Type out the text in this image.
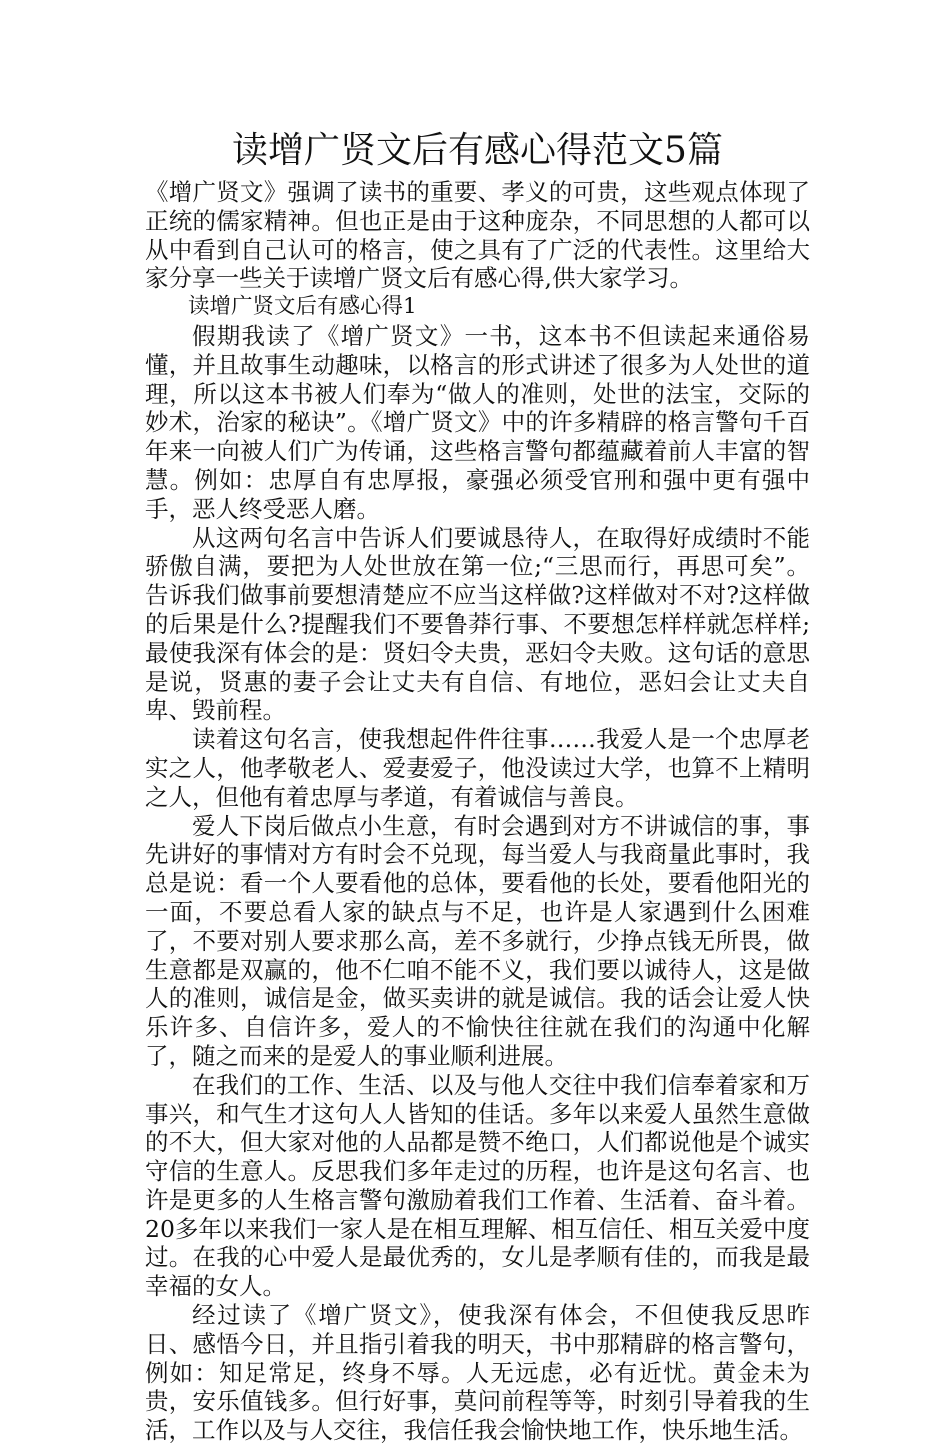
读增广贤文后有感心得范文5篇

《增广贤文》强调了读书的重要、孝义的可贵，这些观点体现了正统的儒家精神。但也正是由于这种庞杂，不同思想的人都可以从中看到自己认可的格言，使之具有了广泛的代表性。这里给大家分享一些关于读增广贤文后有感心得,供大家学习。

读增广贤文后有感心得1

假期我读了《增广贤文》一书，这本书不但读起来通俗易懂，并且故事生动趣味，以格言的形式讲述了很多为人处世的道理，所以这本书被人们奉为“做人的准则，处世的法宝，交际的妙术，治家的秘诀”。《增广贤文》中的许多精辟的格言警句千百年来一向被人们广为传诵，这些格言警句都蕴藏着前人丰富的智慧。例如：忠厚自有忠厚报，豪强必须受官刑和强中更有强中手，恶人终受恶人磨。

从这两句名言中告诉人们要诚恳待人，在取得好成绩时不能骄傲自满，要把为人处世放在第一位;“三思而行，再思可矣”。告诉我们做事前要想清楚应不应当这样做?这样做对不对?这样做的后果是什么?提醒我们不要鲁莽行事、不要想怎样样就怎样样;最使我深有体会的是：贤妇令夫贵，恶妇令夫败。这句话的意思是说，贤惠的妻子会让丈夫有自信、有地位，恶妇会让丈夫自卑、毁前程。

读着这句名言，使我想起件件往事……我爱人是一个忠厚老实之人，他孝敬老人、爱妻爱子，他没读过大学，也算不上精明之人，但他有着忠厚与孝道，有着诚信与善良。

爱人下岗后做点小生意，有时会遇到对方不讲诚信的事，事先讲好的事情对方有时会不兑现，每当爱人与我商量此事时，我总是说：看一个人要看他的总体，要看他的长处，要看他阳光的一面，不要总看人家的缺点与不足，也许是人家遇到什么困难了，不要对别人要求那么高，差不多就行，少挣点钱无所畏，做生意都是双赢的，他不仁咱不能不义，我们要以诚待人，这是做人的准则，诚信是金，做买卖讲的就是诚信。我的话会让爱人快乐许多、自信许多，爱人的不愉快往往就在我们的沟通中化解了，随之而来的是爱人的事业顺利进展。

在我们的工作、生活、以及与他人交往中我们信奉着家和万事兴，和气生才这句人人皆知的佳话。多年以来爱人虽然生意做的不大，但大家对他的人品都是赞不绝口，人们都说他是个诚实守信的生意人。反思我们多年走过的历程，也许是这句名言、也许是更多的人生格言警句激励着我们工作着、生活着、奋斗着。20多年以来我们一家人是在相互理解、相互信任、相互关爱中度过。在我的心中爱人是最优秀的，女儿是孝顺有佳的，而我是最幸福的女人。

经过读了《增广贤文》，使我深有体会，不但使我反思昨日、感悟今日，并且指引着我的明天，书中那精辟的格言警句，例如：知足常足，终身不辱。人无远虑，必有近忧。黄金未为贵，安乐值钱多。但行好事，莫问前程等等，时刻引导着我的生活，工作以及与人交往，我信任我会愉快地工作，快乐地生活。
